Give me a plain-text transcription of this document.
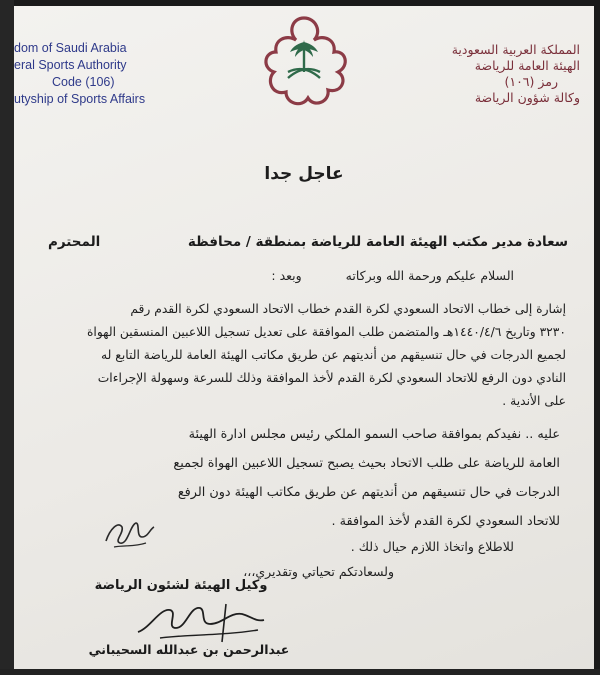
dom of Saudi Arabia
eral Sports Authority
Code (106)
utyship of Sports Affairs
المملكة العربية السعودية
الهيئة العامة للرياضة
رمز (١٠٦)
وكالة شؤون الرياضة
عاجل جدا
سعادة مدير مكتب الهيئة العامة للرياضة بمنطقة / محافظة
المحترم
السلام عليكم ورحمة الله وبركاته وبعد :
إشارة إلى خطاب الاتحاد السعودي لكرة القدم خطاب الاتحاد السعودي لكرة القدم رقم
٣٢٣٠ وتاريخ ١٤٤٠/٤/٦هـ والمتضمن طلب الموافقة على تعديل تسجيل اللاعبين المنسقين الهواة
لجميع الدرجات في حال تنسيقهم من أنديتهم عن طريق مكاتب الهيئة العامة للرياضة التابع له
النادي دون الرفع للاتحاد السعودي لكرة القدم لأخذ الموافقة وذلك للسرعة وسهولة الإجراءات
على الأندية .
عليه .. نفيدكم بموافقة صاحب السمو الملكي رئيس مجلس ادارة الهيئة
العامة للرياضة على طلب الاتحاد بحيث يصبح تسجيل اللاعبين الهواة لجميع
الدرجات في حال تنسيقهم من أنديتهم عن طريق مكاتب الهيئة دون الرفع
للاتحاد السعودي لكرة القدم لأخذ الموافقة .
للاطلاع واتخاذ اللازم حيال ذلك .
ولسعادتكم تحياتي وتقديري،،،
وكيل الهيئة لشئون الرياضة
عبدالرحمن بن عبدالله السحيباني
